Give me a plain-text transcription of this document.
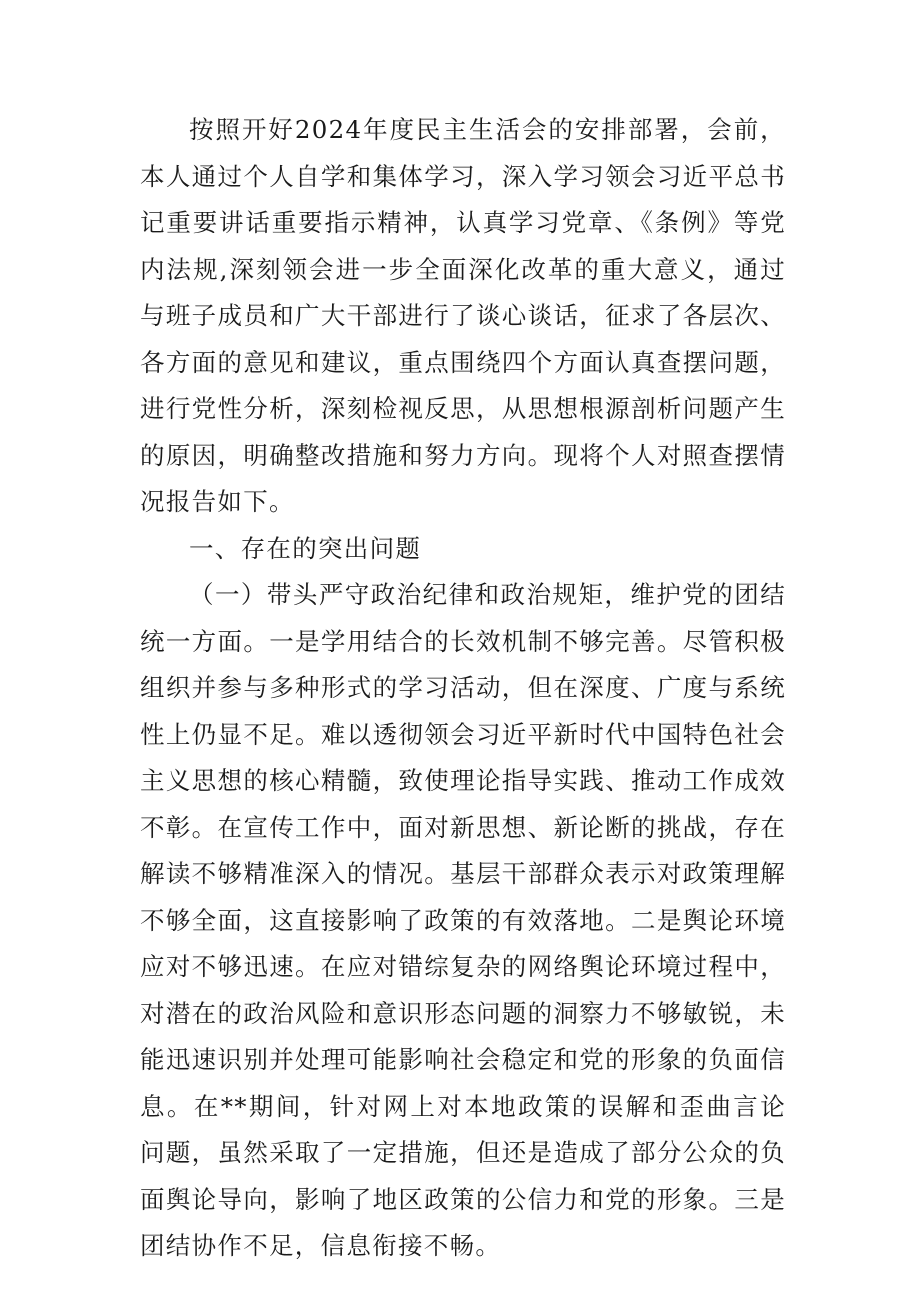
按照开好2024年度民主生活会的安排部署，会前，本人通过个人自学和集体学习，深入学习领会习近平总书记重要讲话重要指示精神，认真学习党章、《条例》等党内法规,深刻领会进一步全面深化改革的重大意义，通过与班子成员和广大干部进行了谈心谈话，征求了各层次、各方面的意见和建议，重点围绕四个方面认真查摆问题，进行党性分析，深刻检视反思，从思想根源剖析问题产生的原因，明确整改措施和努力方向。现将个人对照查摆情况报告如下。

一、存在的突出问题

（一）带头严守政治纪律和政治规矩，维护党的团结统一方面。一是学用结合的长效机制不够完善。尽管积极组织并参与多种形式的学习活动，但在深度、广度与系统性上仍显不足。难以透彻领会习近平新时代中国特色社会主义思想的核心精髓，致使理论指导实践、推动工作成效不彰。在宣传工作中，面对新思想、新论断的挑战，存在解读不够精准深入的情况。基层干部群众表示对政策理解不够全面，这直接影响了政策的有效落地。二是舆论环境应对不够迅速。在应对错综复杂的网络舆论环境过程中，对潜在的政治风险和意识形态问题的洞察力不够敏锐，未能迅速识别并处理可能影响社会稳定和党的形象的负面信息。在**期间，针对网上对本地政策的误解和歪曲言论问题，虽然采取了一定措施，但还是造成了部分公众的负面舆论导向，影响了地区政策的公信力和党的形象。三是团结协作不足，信息衔接不畅。
